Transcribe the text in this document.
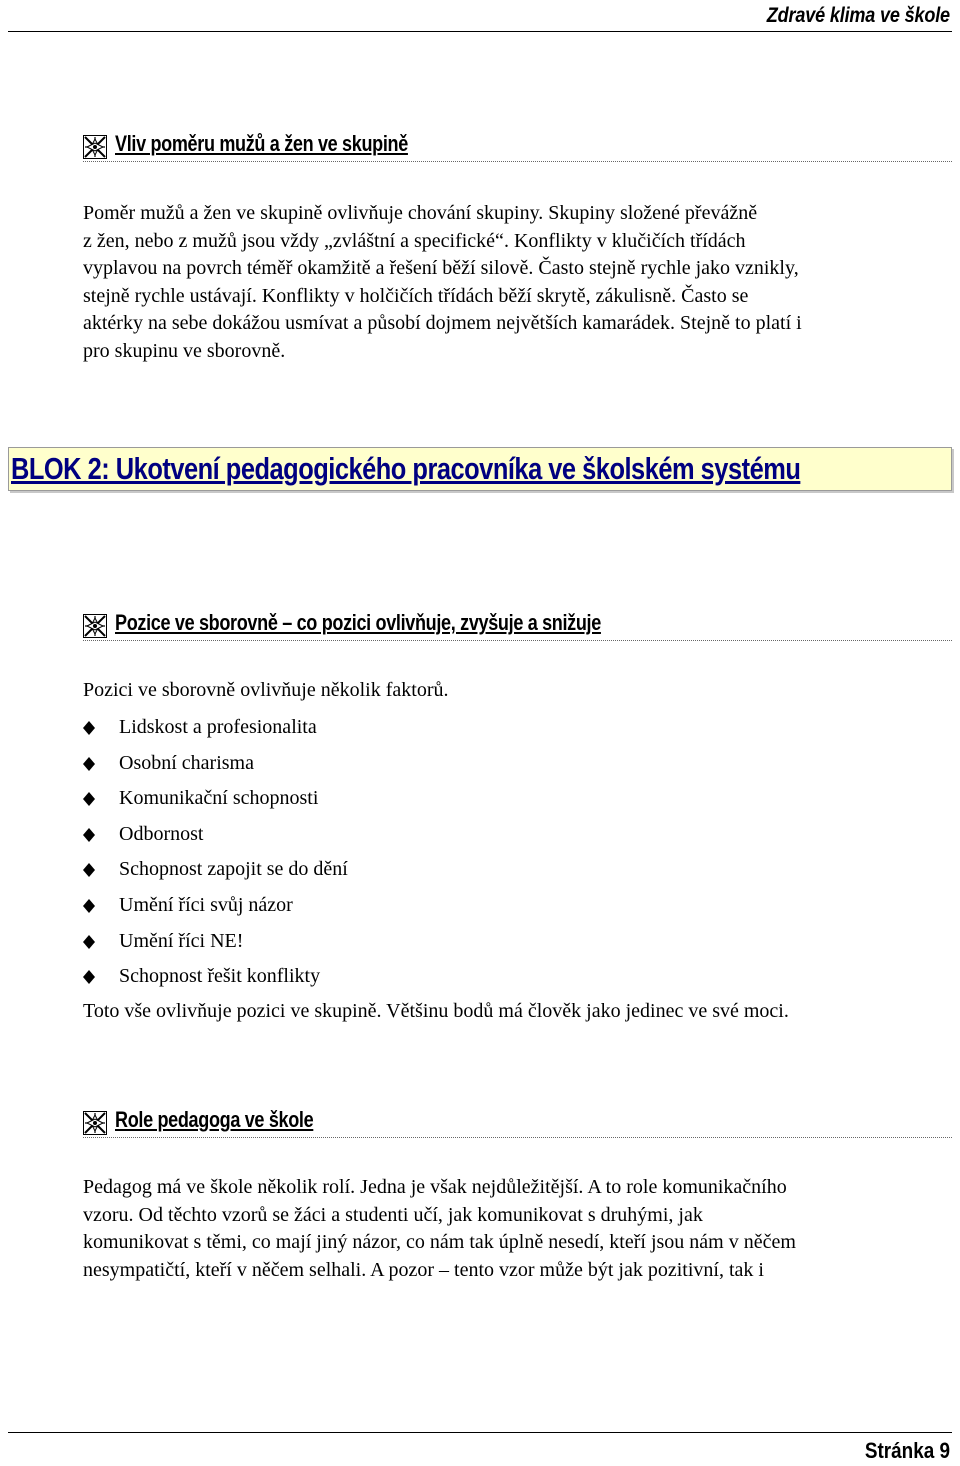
Zdravé klima ve škole
Vliv poměru mužů a žen ve skupině
Poměr mužů a žen ve skupině ovlivňuje chování skupiny. Skupiny složené převážně
z žen, nebo z mužů jsou vždy „zvláštní a specifické“. Konflikty v klučičích třídách
vyplavou na povrch téměř okamžitě a řešení běží silově. Často stejně rychle jako vznikly,
stejně rychle ustávají. Konflikty v holčičích třídách běží skrytě, zákulisně. Často se
aktérky na sebe dokážou usmívat a působí dojmem největších kamarádek. Stejně to platí i
pro skupinu ve sborovně.
BLOK 2: Ukotvení pedagogického pracovníka ve školském systému
Pozice ve sborovně – co pozici ovlivňuje, zvyšuje a snižuje
Pozici ve sborovně ovlivňuje několik faktorů.
Lidskost a profesionalita
Osobní charisma
Komunikační schopnosti
Odbornost
Schopnost zapojit se do dění
Umění říci svůj názor
Umění říci NE!
Schopnost řešit konflikty
Toto vše ovlivňuje pozici ve skupině. Většinu bodů má člověk jako jedinec ve své moci.
Role pedagoga ve škole
Pedagog má ve škole několik rolí. Jedna je však nejdůležitější. A to role komunikačního
vzoru. Od těchto vzorů se žáci a studenti učí, jak komunikovat s druhými, jak
komunikovat s těmi, co mají jiný názor, co nám tak úplně nesedí, kteří jsou nám v něčem
nesympatičtí, kteří v něčem selhali. A pozor – tento vzor může být jak pozitivní, tak i
Stránka 9
